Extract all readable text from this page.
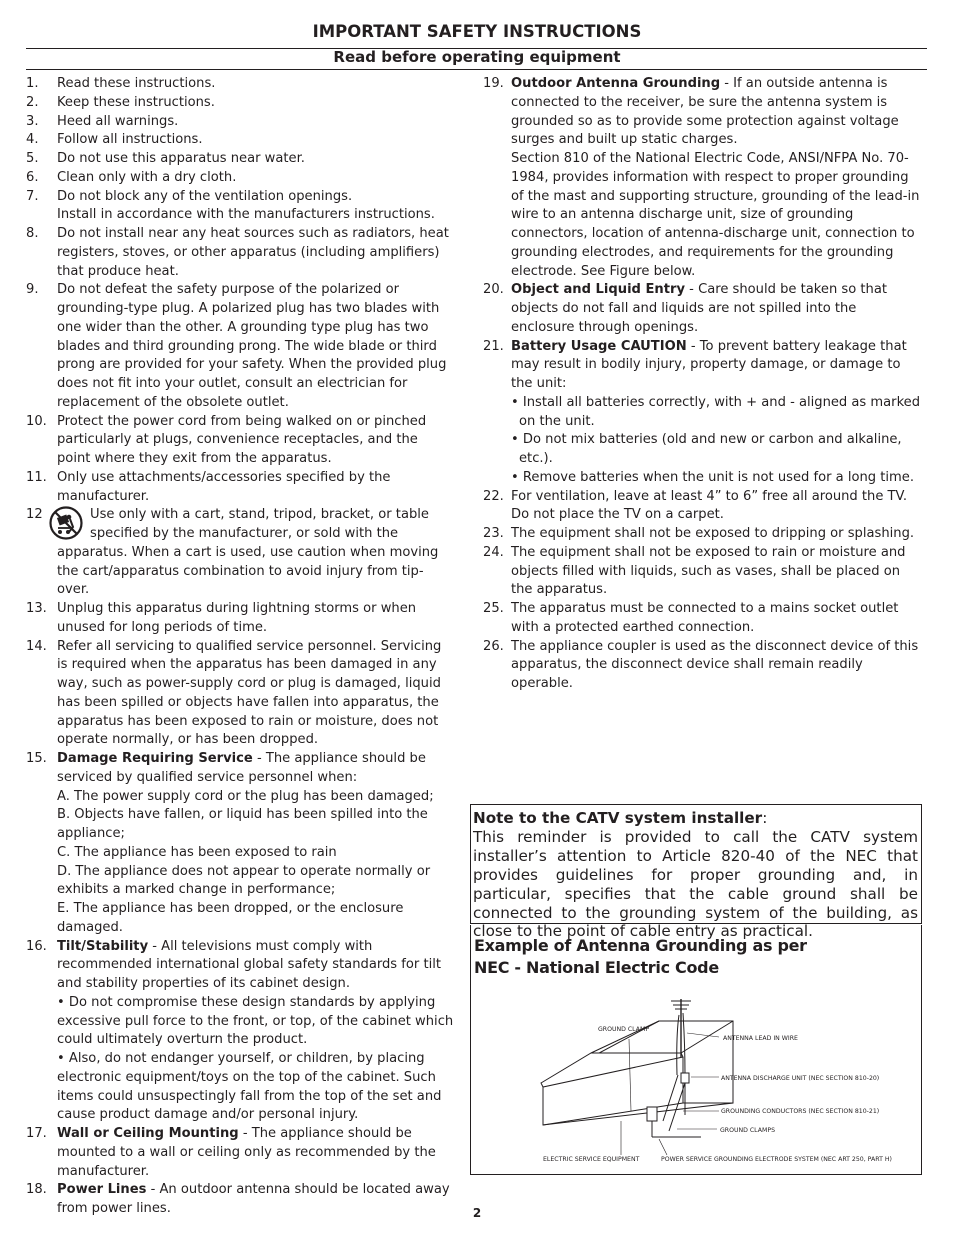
IMPORTANT SAFETY INSTRUCTIONS
Read before operating equipment
1. Read these instructions.
2. Keep these instructions.
3. Heed all warnings.
4. Follow all instructions.
5. Do not use this apparatus near water.
6. Clean only with a dry cloth.
7. Do not block any of the ventilation openings.
Install in accordance with the manufacturers instructions.
8. Do not install near any heat sources such as radiators, heat registers, stoves, or other apparatus (including amplifiers) that produce heat.
9. Do not defeat the safety purpose of the polarized or grounding-type plug. A polarized plug has two blades with one wider than the other. A grounding type plug has two blades and third grounding prong. The wide blade or third prong are provided for your safety. When the provided plug does not fit into your outlet, consult an electrician for replacement of the obsolete outlet.
10. Protect the power cord from being walked on or pinched particularly at plugs, convenience receptacles, and the point where they exit from the apparatus.
11. Only use attachments/accessories specified by the manufacturer.
12	Use only with a cart, stand, tripod, bracket, or table specified by the manufacturer, or sold with the
apparatus. When a cart is used, use caution when moving the cart/apparatus combination to avoid injury from tip-over.
13. Unplug this apparatus during lightning storms or when unused for long periods of time.
14. Refer all servicing to qualified service personnel. Servicing is required when the apparatus has been damaged in any way, such as power-supply cord or plug is damaged, liquid has been spilled or objects have fallen into apparatus, the apparatus has been exposed to rain or moisture, does not operate normally, or has been dropped.
15. Damage Requiring Service - The appliance should be serviced by qualified service personnel when:
A. The power supply cord or the plug has been damaged;
B. Objects have fallen, or liquid has been spilled into the appliance;
C. The appliance has been exposed to rain
D. The appliance does not appear to operate normally or exhibits a marked change in performance;
E. The appliance has been dropped, or the enclosure damaged.
16. Tilt/Stability - All televisions must comply with recommended international global safety standards for tilt and stability properties of its cabinet design.
• Do not compromise these design standards by applying excessive pull force to the front, or top, of the cabinet which could ultimately overturn the product.
• Also, do not endanger yourself, or children, by placing electronic equipment/toys on the top of the cabinet. Such items could unsuspectingly fall from the top of the set and cause product damage and/or personal injury.
17. Wall or Ceiling Mounting - The appliance should be mounted to a wall or ceiling only as recommended by the manufacturer.
18. Power Lines - An outdoor antenna should be located away from power lines.
19. Outdoor Antenna Grounding - If an outside antenna is connected to the receiver, be sure the antenna system is grounded so as to provide some protection against voltage surges and built up static charges.
Section 810 of the National Electric Code, ANSI/NFPA No. 70-1984, provides information with respect to proper grounding of the mast and supporting structure, grounding of the lead-in wire to an antenna discharge unit, size of grounding connectors, location of antenna-discharge unit, connection to grounding electrodes, and requirements for the grounding electrode. See Figure below.
20. Object and Liquid Entry - Care should be taken so that objects do not fall and liquids are not spilled into the enclosure through openings.
21. Battery Usage CAUTION - To prevent battery leakage that may result in bodily injury, property damage, or damage to the unit:
• Install all batteries correctly, with + and - aligned as marked on the unit.
• Do not mix batteries (old and new or carbon and alkaline, etc.).
• Remove batteries when the unit is not used for a long time.
22. For ventilation, leave at least 4” to 6” free all around the TV. Do not place the TV on a carpet.
23. The equipment shall not be exposed to dripping or splashing.
24. The equipment shall not be exposed to rain or moisture and objects filled with liquids, such as vases, shall be placed on the apparatus.
25. The apparatus must be connected to a mains socket outlet with a protected earthed connection.
26. The appliance coupler is used as the disconnect device of this apparatus, the disconnect device shall remain readily operable.
Note to the CATV system installer:
This reminder is provided to call the CATV system installer’s attention to Article 820-40 of the NEC that provides guidelines for proper grounding and, in particular, specifies that the cable ground shall be connected to the grounding system of the building, as close to the point of cable entry as practical.
Example of Antenna Grounding as per
NEC - National Electric Code
GROUND CLAMP
ANTENNA LEAD IN WIRE
ANTENNA DISCHARGE UNIT (NEC SECTION 810-20)
GROUNDING CONDUCTORS (NEC SECTION 810-21)
GROUND CLAMPS
ELECTRIC SERVICE EQUIPMENT	POWER SERVICE GROUNDING ELECTRODE SYSTEM (NEC ART 250, PART H)
2
